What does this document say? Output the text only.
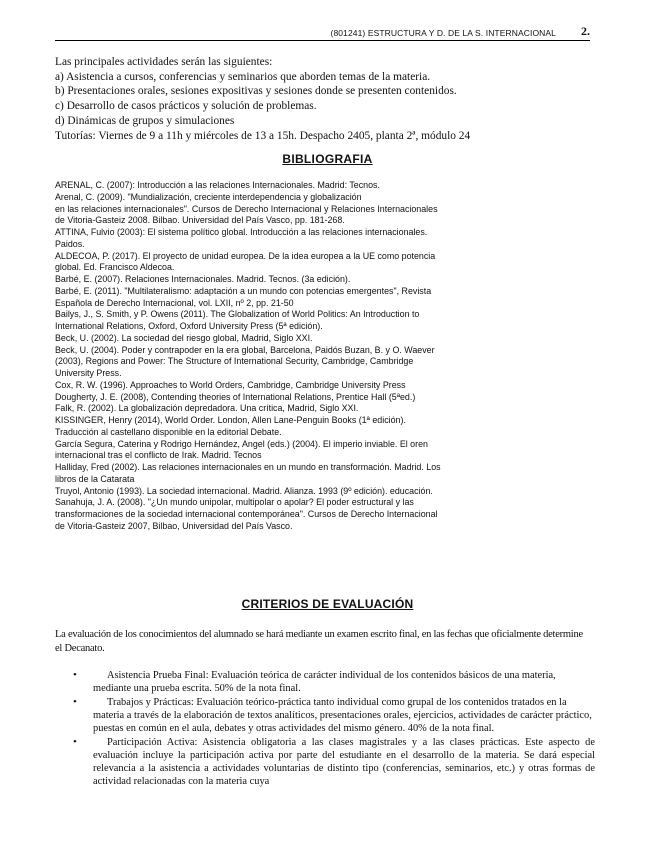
(801241) ESTRUCTURA Y D. DE LA S. INTERNACIONAL 2.
Las principales actividades serán las siguientes:
a) Asistencia a cursos, conferencias y seminarios que aborden temas de la materia.
b) Presentaciones orales, sesiones expositivas y sesiones donde se presenten contenidos.
c) Desarrollo de casos prácticos y solución de problemas.
d) Dinámicas de grupos y simulaciones
Tutorías: Viernes de 9 a 11h y miércoles de 13 a 15h. Despacho 2405, planta 2ª, módulo 24
BIBLIOGRAFIA
ARENAL, C. (2007): Introducción a las relaciones Internacionales. Madrid: Tecnos.
Arenal, C. (2009). "Mundialización, creciente interdependencia y globalización
en las relaciones internacionales". Cursos de Derecho Internacional y Relaciones Internacionales
de Vitoria-Gasteiz 2008. Bilbao. Universidad del País Vasco, pp. 181-268.
ATTINA, Fulvio (2003): El sistema político global. Introducción a las relaciones internacionales.
Paidos.
ALDECOA, P. (2017). El proyecto de unidad europea. De la idea europea a la UE como potencia
global. Ed. Francisco Aldecoa.
Barbé, E. (2007). Relaciones Internacionales. Madrid. Tecnos. (3a edición).
Barbé, E. (2011). "Multilateralismo: adaptación a un mundo con potencias emergentes", Revista
Española de Derecho Internacional, vol. LXII, nº 2, pp. 21-50
Bailys, J., S. Smith, y P. Owens (2011). The Globalization of World Politics: An Introduction to
International Relations, Oxford, Oxford University Press (5ª edición).
Beck, U. (2002). La sociedad del riesgo global, Madrid, Siglo XXI.
Beck, U. (2004). Poder y contrapoder en la era global, Barcelona, Paidós Buzan, B. y O. Waever
(2003), Regions and Power: The Structure of International Security, Cambridge, Cambridge
University Press.
Cox, R. W. (1996). Approaches to World Orders, Cambridge, Cambridge University Press
Dougherty, J. E. (2008), Contending theories of International Relations, Prentice Hall (5ªed.)
Falk, R. (2002). La globalización depredadora. Una crítica, Madrid, Siglo XXI.
KISSINGER, Henry (2014), World Order. London, Allen Lane-Penguin Books (1ª edición).
Traducción al castellano disponible en la editorial Debate.
García Segura, Caterina y Rodrigo Hernández, Angel (eds.) (2004). El imperio inviable. El oren
internacional tras el conflicto de Irak. Madrid. Tecnos
Halliday, Fred (2002). Las relaciones internacionales en un mundo en transformación. Madrid. Los
libros de la Catarata
Truyol, Antonio (1993). La sociedad internacional. Madrid. Alianza. 1993 (9º edición). educación.
Sanahuja, J. A. (2008). "¿Un mundo unipolar, multipolar o apolar? El poder estructural y las
transformaciones de la sociedad internacional contemporánea". Cursos de Derecho Internacional
de Vitoria-Gasteiz 2007, Bilbao, Universidad del País Vasco.
CRITERIOS DE EVALUACIÓN
La evaluación de los conocimientos del alumnado se hará mediante un examen escrito final, en las fechas que oficialmente determine el Decanato.
•	Asistencia Prueba Final: Evaluación teórica de carácter individual de los contenidos básicos de una materia, mediante una prueba escrita. 50% de la nota final.
•	Trabajos y Prácticas: Evaluación teórico-práctica tanto individual como grupal de los contenidos tratados en la materia a través de la elaboración de textos analíticos, presentaciones orales, ejercicios, actividades de carácter práctico, puestas en común en el aula, debates y otras actividades del mismo género. 40% de la nota final.
•	Participación Activa: Asistencia obligatoria a las clases magistrales y a las clases prácticas. Este aspecto de evaluación incluye la participación activa por parte del estudiante en el desarrollo de la materia. Se dará especial relevancia a la asistencia a actividades voluntarias de distinto tipo (conferencias, seminarios, etc.) y otras formas de actividad relacionadas con la materia cuya
